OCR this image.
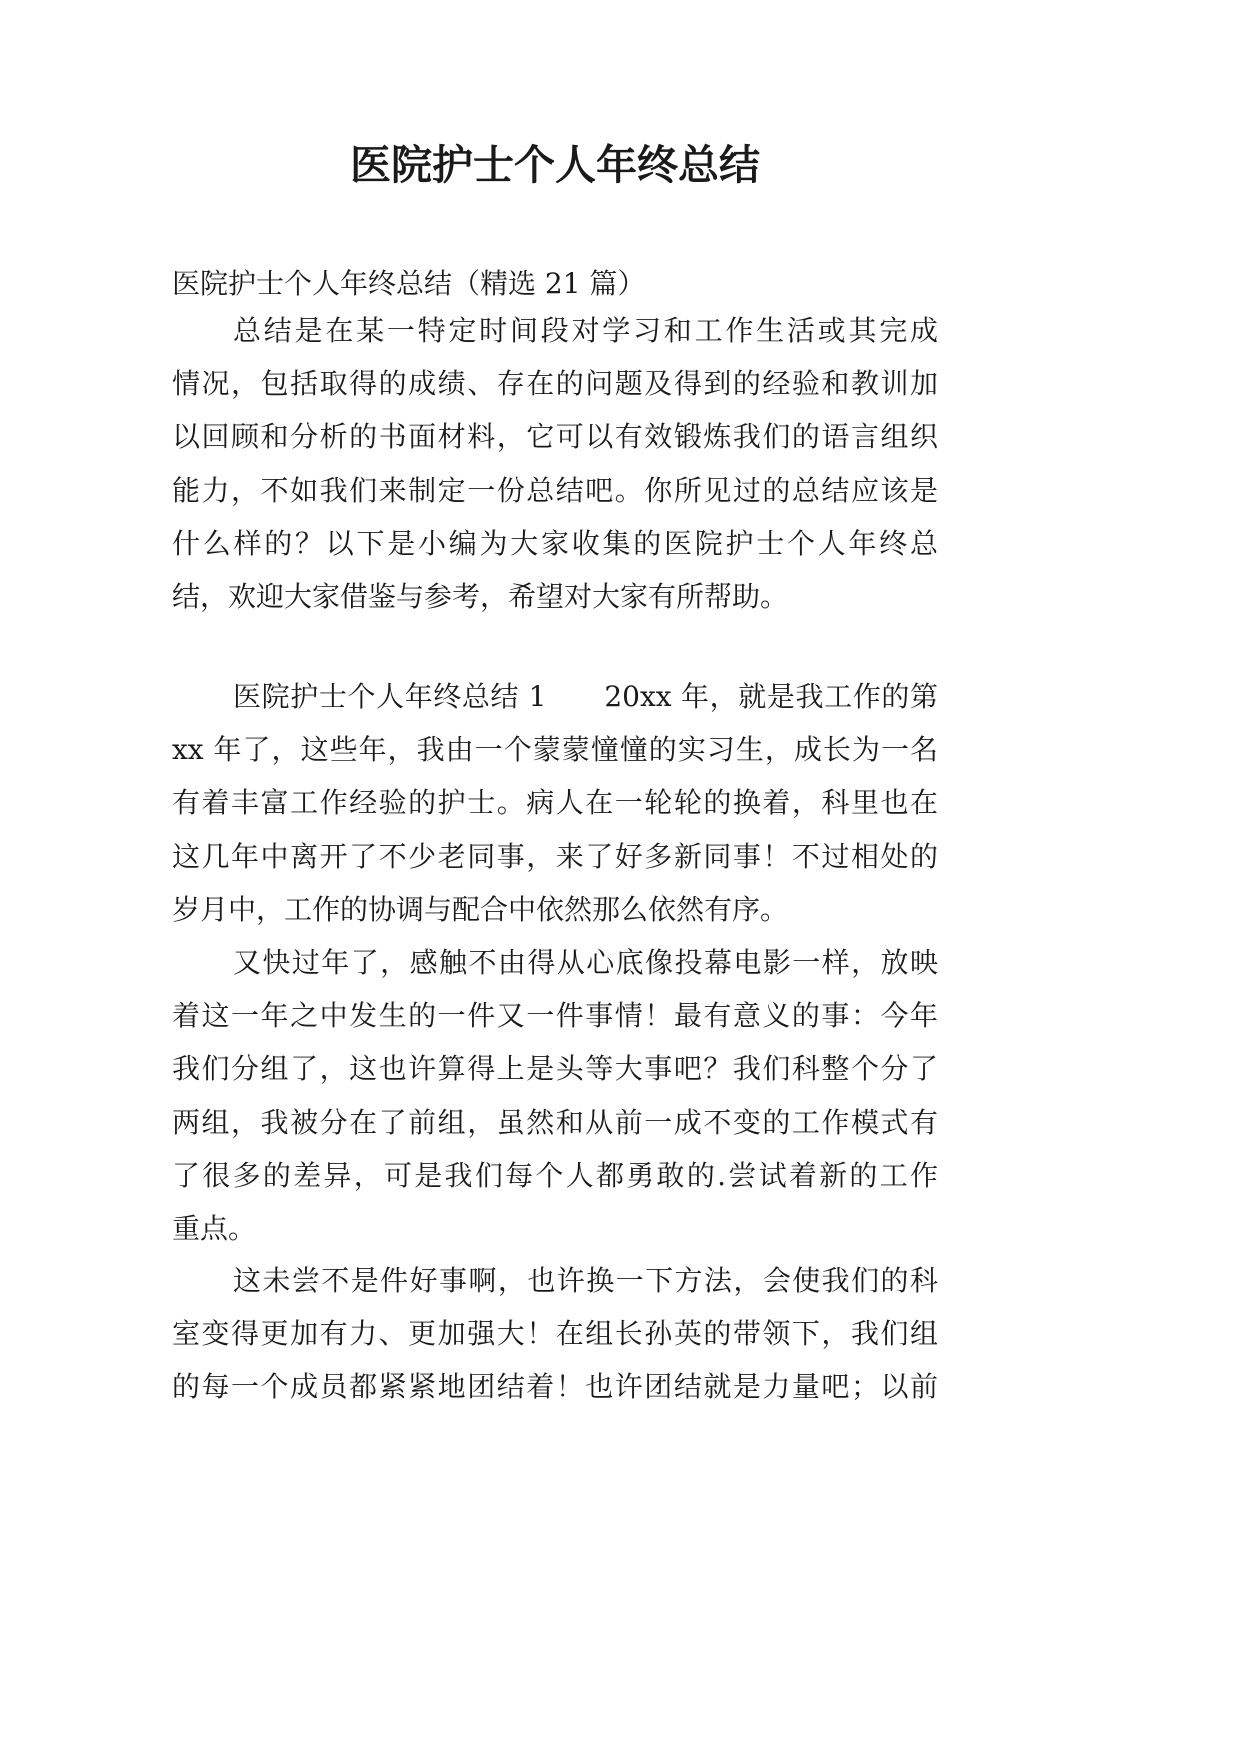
医院护士个人年终总结
医院护士个人年终总结（精选 21 篇）
总结是在某一特定时间段对学习和工作生活或其完成
情况，包括取得的成绩、存在的问题及得到的经验和教训加
以回顾和分析的书面材料，它可以有效锻炼我们的语言组织
能力，不如我们来制定一份总结吧。你所见过的总结应该是
什么样的？以下是小编为大家收集的医院护士个人年终总
结，欢迎大家借鉴与参考，希望对大家有所帮助。
医院护士个人年终总结 1　　20xx 年，就是我工作的第
xx 年了，这些年，我由一个蒙蒙憧憧的实习生，成长为一名
有着丰富工作经验的护士。病人在一轮轮的换着，科里也在
这几年中离开了不少老同事，来了好多新同事！不过相处的
岁月中，工作的协调与配合中依然那么依然有序。
又快过年了，感触不由得从心底像投幕电影一样，放映
着这一年之中发生的一件又一件事情！最有意义的事：今年
我们分组了，这也许算得上是头等大事吧？我们科整个分了
两组，我被分在了前组，虽然和从前一成不变的工作模式有
了很多的差异，可是我们每个人都勇敢的.尝试着新的工作
重点。
这未尝不是件好事啊，也许换一下方法，会使我们的科
室变得更加有力、更加强大！在组长孙英的带领下，我们组
的每一个成员都紧紧地团结着！也许团结就是力量吧；以前
